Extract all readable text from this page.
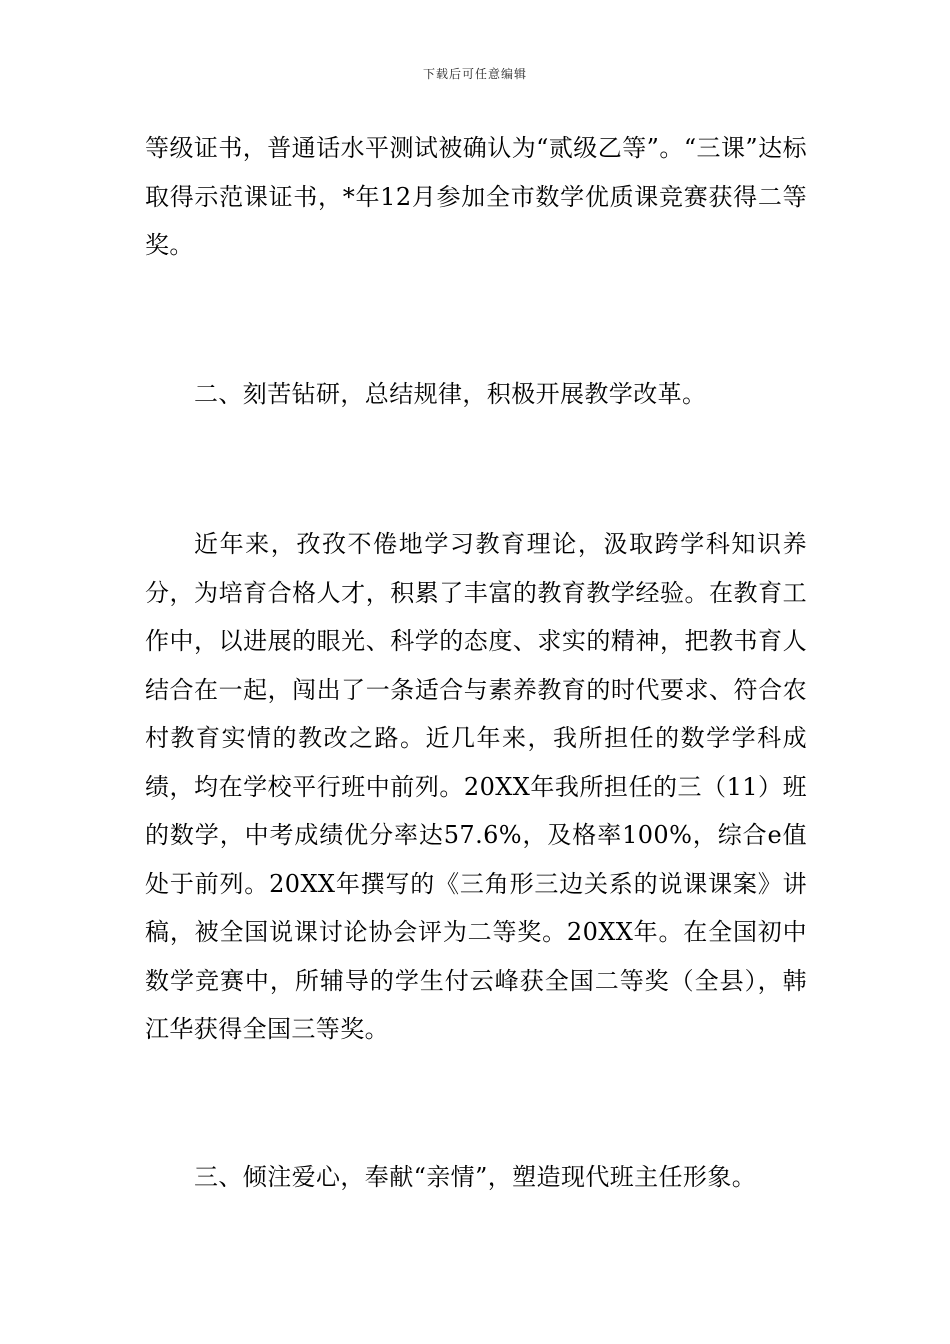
下载后可任意编辑

等级证书，普通话水平测试被确认为“贰级乙等”。“三课”达标取得示范课证书，*年12月参加全市数学优质课竞赛获得二等奖。

二、刻苦钻研，总结规律，积极开展教学改革。

近年来，孜孜不倦地学习教育理论，汲取跨学科知识养分，为培育合格人才，积累了丰富的教育教学经验。在教育工作中，以进展的眼光、科学的态度、求实的精神，把教书育人结合在一起，闯出了一条适合与素养教育的时代要求、符合农村教育实情的教改之路。近几年来，我所担任的数学学科成绩，均在学校平行班中前列。20XX年我所担任的三（11）班的数学，中考成绩优分率达57.6%，及格率100%，综合e值处于前列。20XX年撰写的《三角形三边关系的说课课案》讲稿，被全国说课讨论协会评为二等奖。20XX年。在全国初中数学竞赛中，所辅导的学生付云峰获全国二等奖（全县），韩江华获得全国三等奖。

三、倾注爱心，奉献“亲情”，塑造现代班主任形象。
